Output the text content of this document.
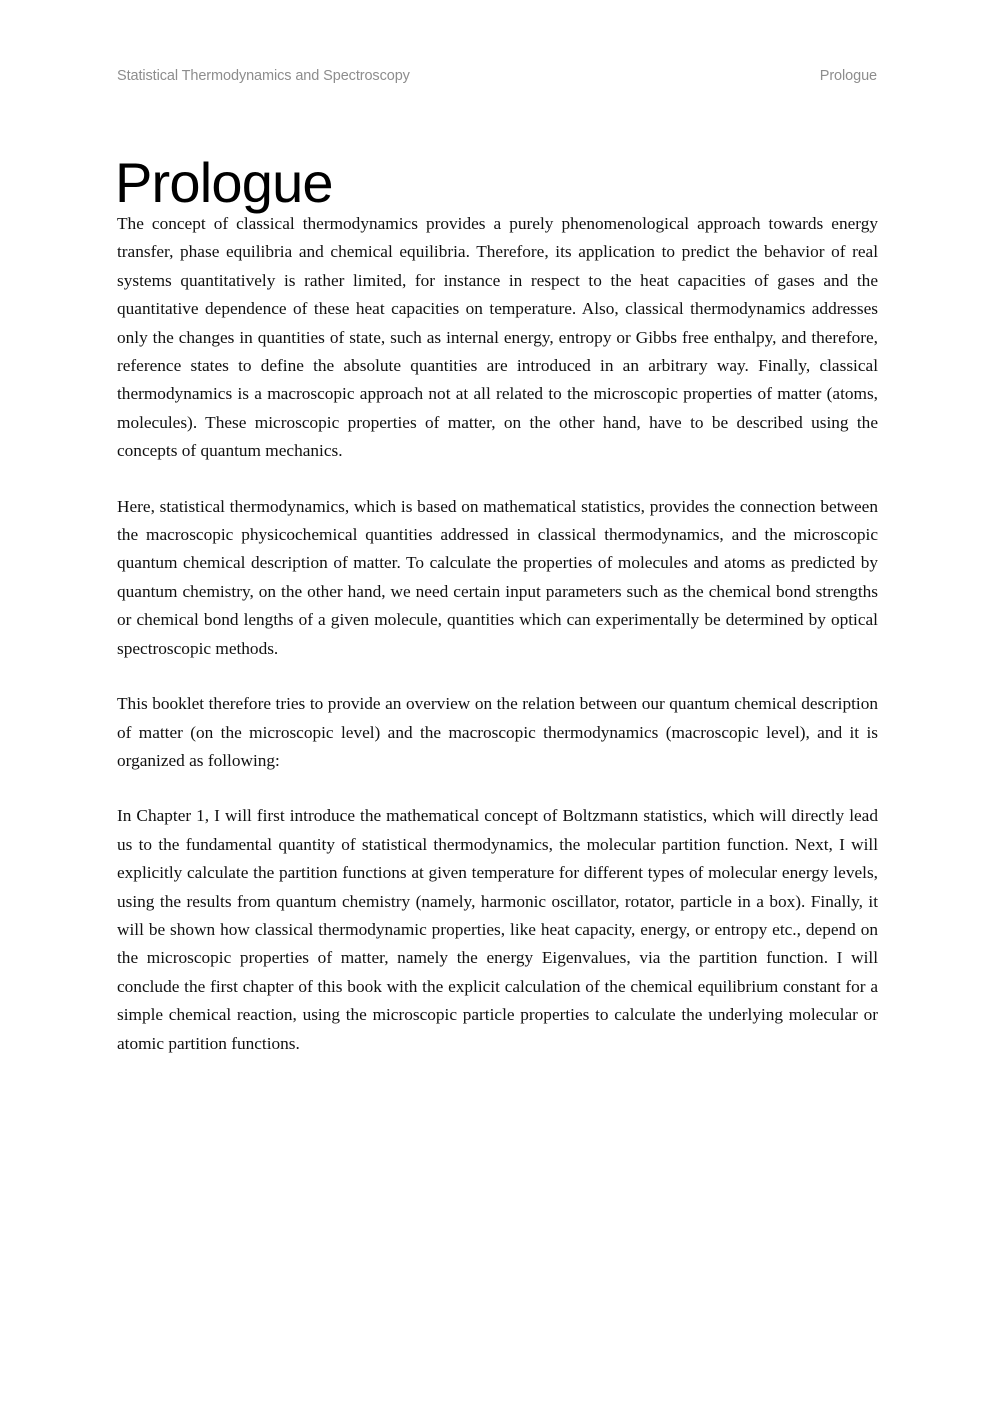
Statistical Thermodynamics and Spectroscopy	Prologue
Prologue

The concept of classical thermodynamics provides a purely phenomenological approach towards energy transfer, phase equilibria and chemical equilibria. Therefore, its application to predict the behavior of real systems quantitatively is rather limited, for instance in respect to the heat capacities of gases and the quantitative dependence of these heat capacities on temperature. Also, classical thermodynamics addresses only the changes in quantities of state, such as internal energy, entropy or Gibbs free enthalpy, and therefore, reference states to define the absolute quantities are introduced in an arbitrary way. Finally, classical thermodynamics is a macroscopic approach not at all related to the microscopic properties of matter (atoms, molecules). These microscopic properties of matter, on the other hand, have to be described using the concepts of quantum mechanics.

Here, statistical thermodynamics, which is based on mathematical statistics, provides the connection between the macroscopic physicochemical quantities addressed in classical thermodynamics, and the microscopic quantum chemical description of matter. To calculate the properties of molecules and atoms as predicted by quantum chemistry, on the other hand, we need certain input parameters such as the chemical bond strengths or chemical bond lengths of a given molecule, quantities which can experimentally be determined by optical spectroscopic methods.

This booklet therefore tries to provide an overview on the relation between our quantum chemical description of matter (on the microscopic level) and the macroscopic thermodynamics (macroscopic level), and it is organized as following:

In Chapter 1, I will first introduce the mathematical concept of Boltzmann statistics, which will directly lead us to the fundamental quantity of statistical thermodynamics, the molecular partition function. Next, I will explicitly calculate the partition functions at given temperature for different types of molecular energy levels, using the results from quantum chemistry (namely, harmonic oscillator, rotator, particle in a box). Finally, it will be shown how classical thermodynamic properties, like heat capacity, energy, or entropy etc., depend on the microscopic properties of matter, namely the energy Eigenvalues, via the partition function. I will conclude the first chapter of this book with the explicit calculation of the chemical equilibrium constant for a simple chemical reaction, using the microscopic particle properties to calculate the underlying molecular or atomic partition functions.
